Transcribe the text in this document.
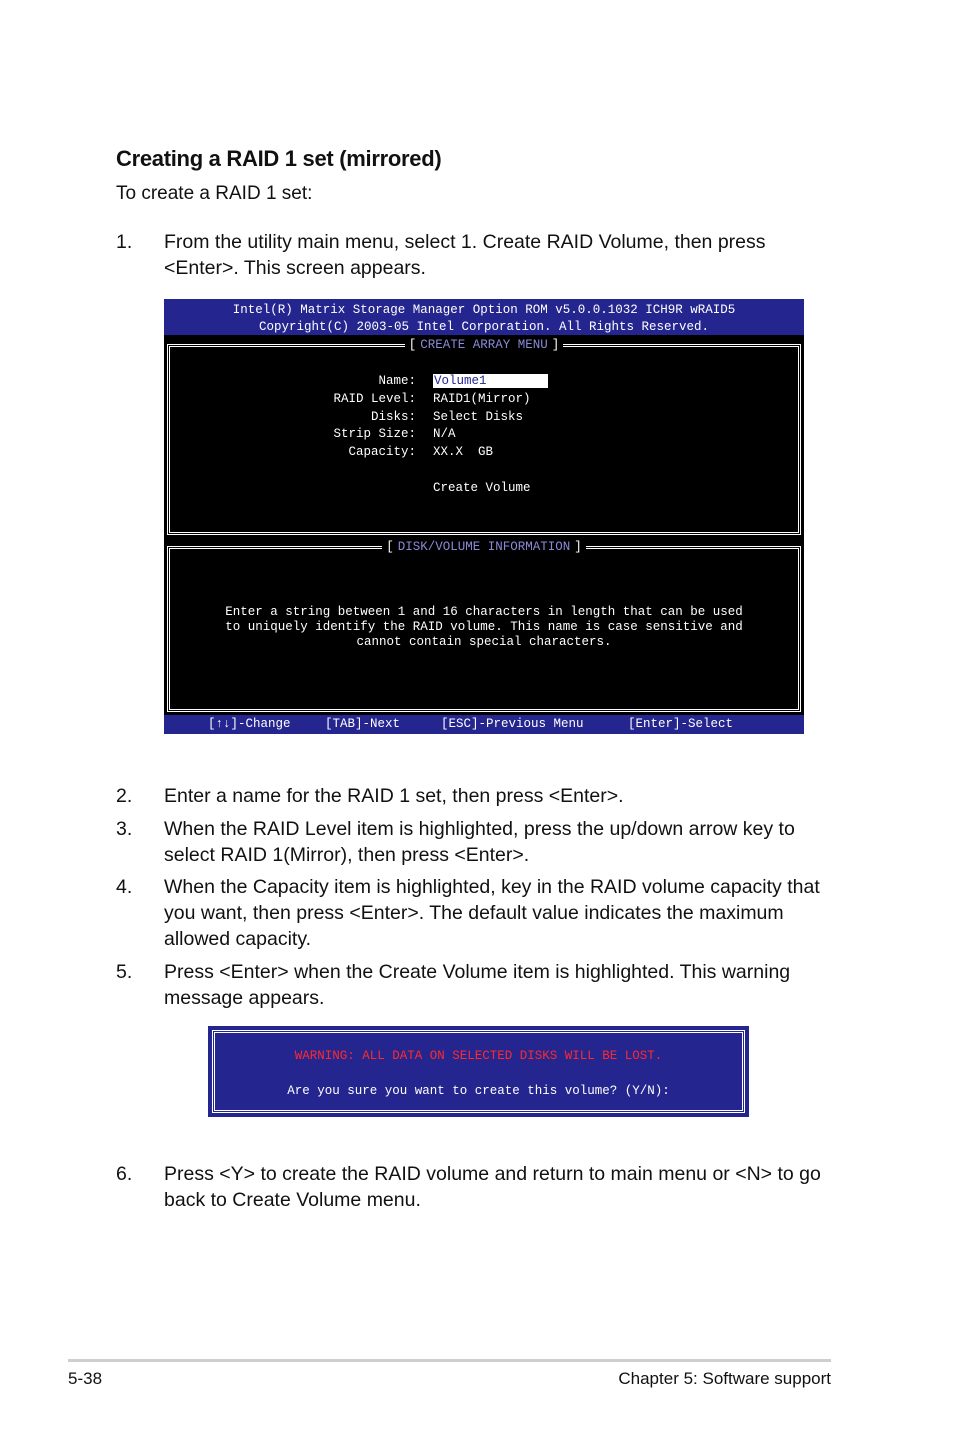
Creating a RAID 1 set (mirrored)
To create a RAID 1 set:
1.	From the utility main menu, select 1. Create RAID Volume, then press <Enter>. This screen appears.
Intel(R) Matrix Storage Manager Option ROM v5.0.0.1032 ICH9R wRAID5
Copyright(C) 2003-05 Intel Corporation. All Rights Reserved.
[ CREATE ARRAY MENU ]
Name: Volume1
RAID Level: RAID1(Mirror)
Disks: Select Disks
Strip Size: N/A
Capacity: XX.X  GB
Create Volume
[ DISK/VOLUME INFORMATION ]
Enter a string between 1 and 16 characters in length that can be used
to uniquely identify the RAID volume. This name is case sensitive and
cannot contain special characters.
[↑↓]-Change	[TAB]-Next	[ESC]-Previous Menu	[Enter]-Select
2.	Enter a name for the RAID 1 set, then press <Enter>.
3.	When the RAID Level item is highlighted, press the up/down arrow key to select RAID 1(Mirror), then press <Enter>.
4.	When the Capacity item is highlighted, key in the RAID volume capacity that you want, then press <Enter>. The default value indicates the maximum allowed capacity.
5.	Press <Enter> when the Create Volume item is highlighted. This warning message appears.
WARNING: ALL DATA ON SELECTED DISKS WILL BE LOST.
Are you sure you want to create this volume? (Y/N):
6.	Press <Y> to create the RAID volume and return to main menu or <N> to go back to Create Volume menu.
5-38	Chapter 5: Software support
